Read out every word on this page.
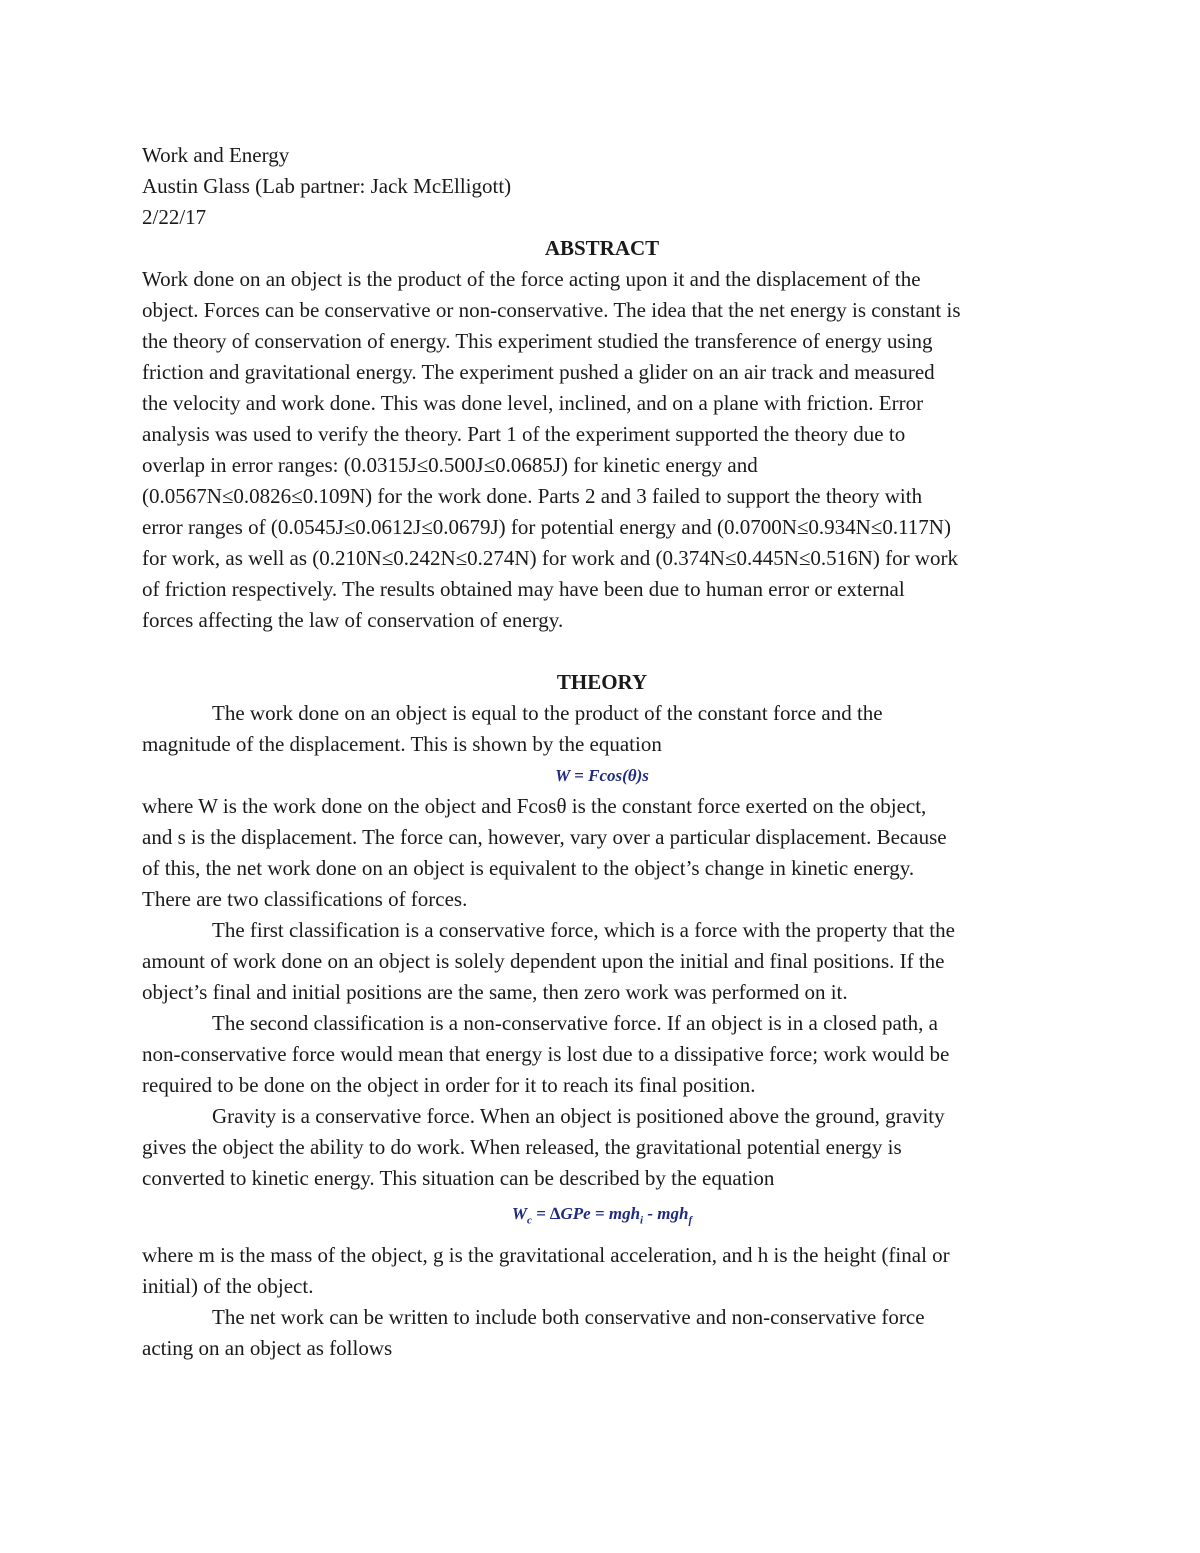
Work and Energy
Austin Glass (Lab partner: Jack McElligott)
2/22/17
ABSTRACT
Work done on an object is the product of the force acting upon it and the displacement of the
object. Forces can be conservative or non-conservative. The idea that the net energy is constant is
the theory of conservation of energy. This experiment studied the transference of energy using
friction and gravitational energy. The experiment pushed a glider on an air track and measured
the velocity and work done. This was done level, inclined, and on a plane with friction. Error
analysis was used to verify the theory. Part 1 of the experiment supported the theory due to
overlap in error ranges: (0.0315J≤0.500J≤0.0685J) for kinetic energy and
(0.0567N≤0.0826≤0.109N) for the work done. Parts 2 and 3 failed to support the theory with
error ranges of (0.0545J≤0.0612J≤0.0679J) for potential energy and (0.0700N≤0.934N≤0.117N)
for work, as well as (0.210N≤0.242N≤0.274N) for work and (0.374N≤0.445N≤0.516N) for work
of friction respectively. The results obtained may have been due to human error or external
forces affecting the law of conservation of energy.
THEORY
The work done on an object is equal to the product of the constant force and the
magnitude of the displacement. This is shown by the equation
W = Fcos(θ)s
where W is the work done on the object and Fcosθ is the constant force exerted on the object,
and s is the displacement. The force can, however, vary over a particular displacement. Because
of this, the net work done on an object is equivalent to the object’s change in kinetic energy.
There are two classifications of forces.
The first classification is a conservative force, which is a force with the property that the
amount of work done on an object is solely dependent upon the initial and final positions. If the
object’s final and initial positions are the same, then zero work was performed on it.
The second classification is a non-conservative force. If an object is in a closed path, a
non-conservative force would mean that energy is lost due to a dissipative force; work would be
required to be done on the object in order for it to reach its final position.
Gravity is a conservative force. When an object is positioned above the ground, gravity
gives the object the ability to do work. When released, the gravitational potential energy is
converted to kinetic energy. This situation can be described by the equation
$W_c = \Delta GPe = mgh_i - mgh_f$
where m is the mass of the object, g is the gravitational acceleration, and h is the height (final or
initial) of the object.
The net work can be written to include both conservative and non-conservative force
acting on an object as follows
